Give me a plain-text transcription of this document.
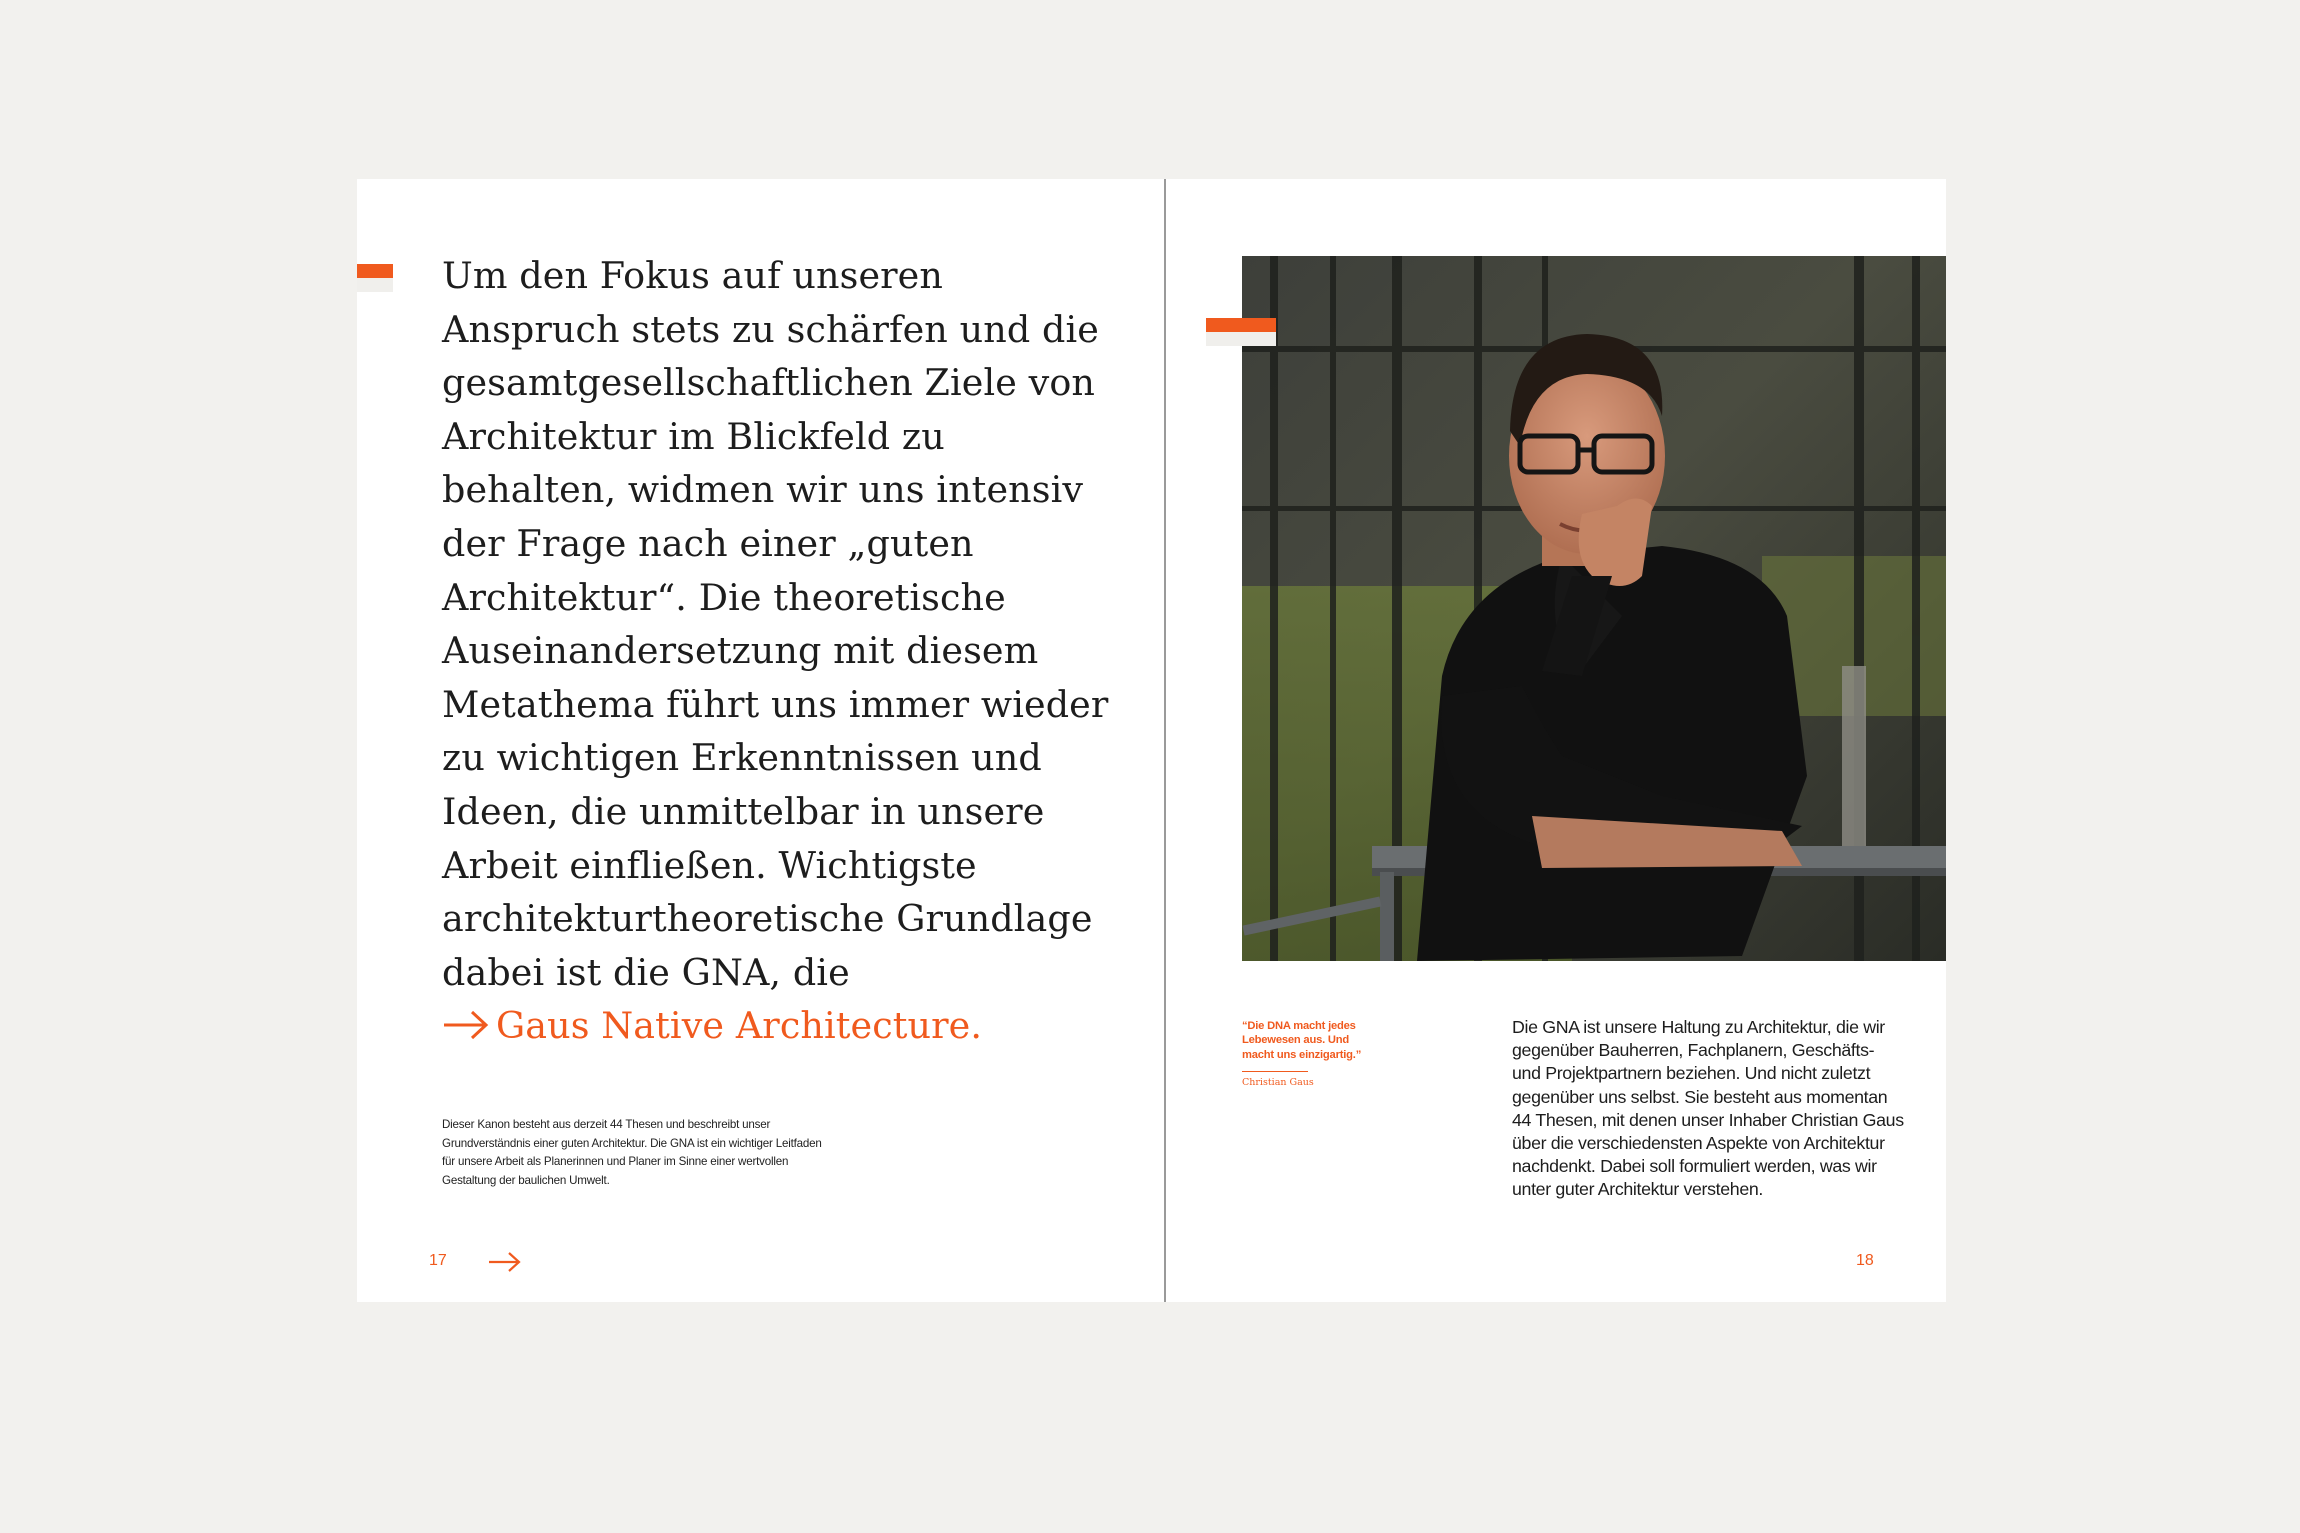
Um den Fokus auf unseren Anspruch stets zu schärfen und die gesamtgesellschaftlichen Ziele von Architektur im Blickfeld zu behalten, widmen wir uns intensiv der Frage nach einer „guten Architektur“. Die theoretische Auseinandersetzung mit diesem Metathema führt uns immer wieder zu wichtigen Erkenntnissen und Ideen, die unmittelbar in unsere Arbeit einfließen. Wichtigste architekturtheoretische Grundlage dabei ist die GNA, die Gaus Native Architecture.

Dieser Kanon besteht aus derzeit 44 Thesen und beschreibt unser Grundverständnis einer guten Architektur. Die GNA ist ein wichtiger Leitfaden für unsere Arbeit als Planerinnen und Planer im Sinne einer wertvollen Gestaltung der baulichen Umwelt.

17

“Die DNA macht jedes Lebewesen aus. Und macht uns einzigartig.”

Christian Gaus

Die GNA ist unsere Haltung zu Architektur, die wir gegenüber Bauherren, Fachplanern, Geschäfts- und Projektpartnern beziehen. Und nicht zuletzt gegenüber uns selbst. Sie besteht aus momentan 44 Thesen, mit denen unser Inhaber Christian Gaus über die verschiedensten Aspekte von Architektur nachdenkt. Dabei soll formuliert werden, was wir unter guter Architektur verstehen.

18
